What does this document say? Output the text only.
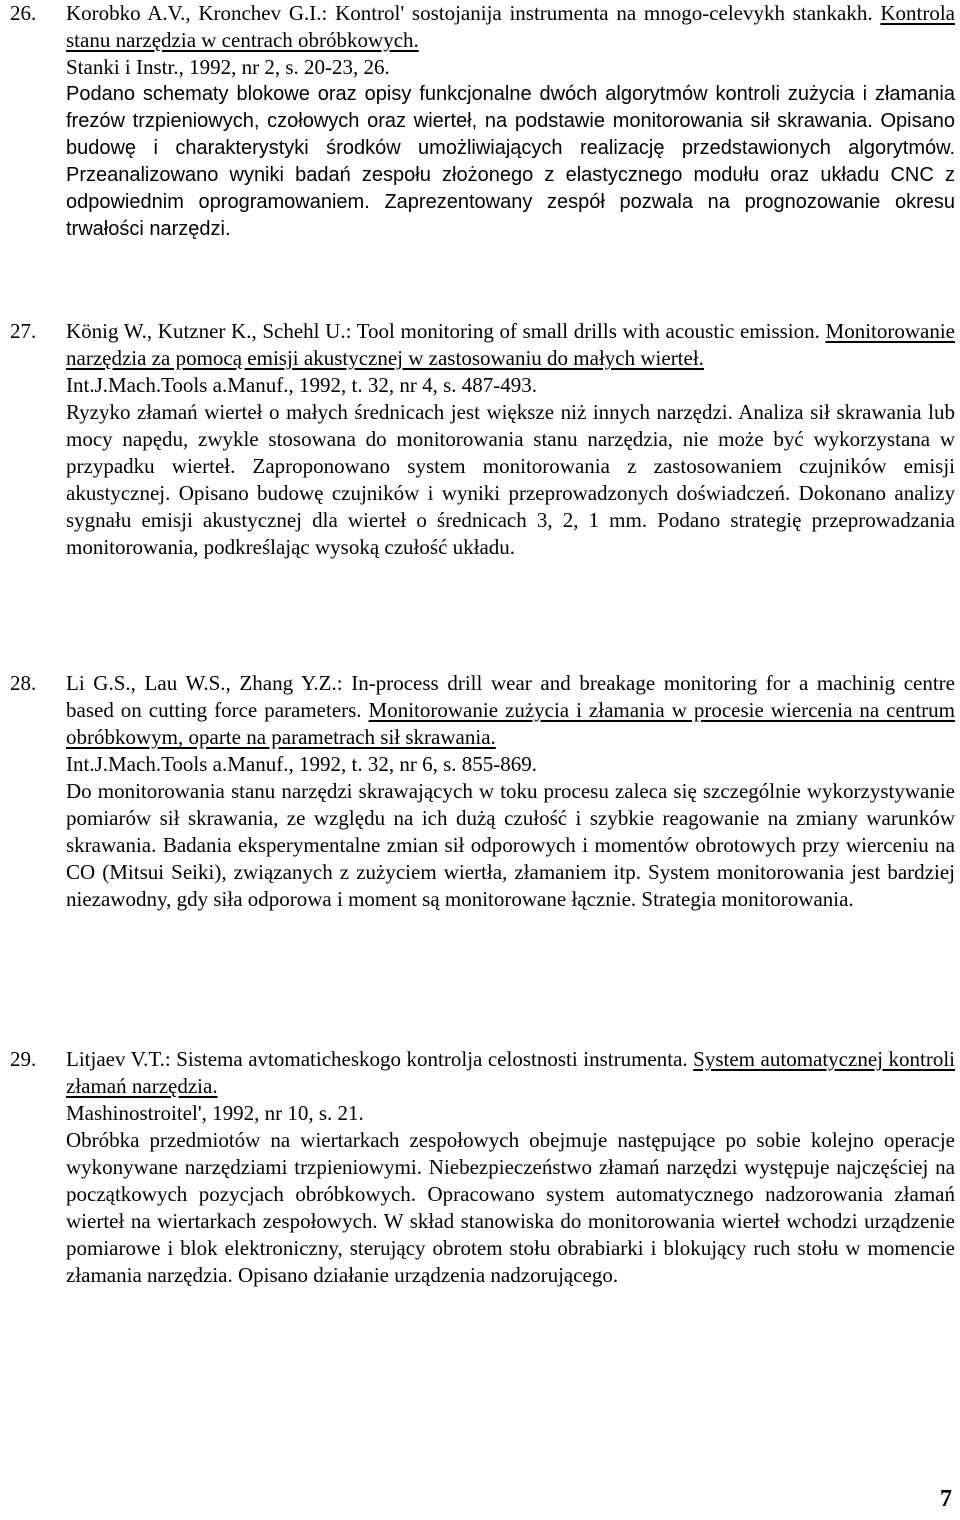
26.	Korobko A.V., Kronchev G.I.: Kontrol' sostojanija instrumenta na mnogo-celevykh stankakh. Kontrola stanu narzędzia w centrach obróbkowych.
Stanki i Instr., 1992, nr 2, s. 20-23, 26.
Podano schematy blokowe oraz opisy funkcjonalne dwóch algorytmów kontroli zużycia i złamania frezów trzpieniowych, czołowych oraz wierteł, na podstawie monitorowania sił skrawania. Opisano budowę i charakterystyki środków umożliwiających realizację przedstawionych algorytmów. Przeanalizowano wyniki badań zespołu złożonego z elastycznego modułu oraz układu CNC z odpowiednim oprogramowaniem. Zaprezentowany zespół pozwala na prognozowanie okresu trwałości narzędzi.
27.	König W., Kutzner K., Schehl U.: Tool monitoring of small drills with acoustic emission. Monitorowanie narzędzia za pomocą emisji akustycznej w zastosowaniu do małych wierteł.
Int.J.Mach.Tools a.Manuf., 1992, t. 32, nr 4, s. 487-493.
Ryzyko złamań wierteł o małych średnicach jest większe niż innych narzędzi. Analiza sił skrawania lub mocy napędu, zwykle stosowana do monitorowania stanu narzędzia, nie może być wykorzystana w przypadku wierteł. Zaproponowano system monitorowania z zastosowaniem czujników emisji akustycznej. Opisano budowę czujników i wyniki przeprowadzonych doświadczeń. Dokonano analizy sygnału emisji akustycznej dla wierteł o średnicach 3, 2, 1 mm. Podano strategię przeprowadzania monitorowania, podkreślając wysoką czułość układu.
28.	Li G.S., Lau W.S., Zhang Y.Z.: In-process drill wear and breakage monitoring for a machinig centre based on cutting force parameters. Monitorowanie zużycia i złamania w procesie wiercenia na centrum obróbkowym, oparte na parametrach sił skrawania.
Int.J.Mach.Tools a.Manuf., 1992, t. 32, nr 6, s. 855-869.
Do monitorowania stanu narzędzi skrawających w toku procesu zaleca się szczególnie wykorzystywanie pomiarów sił skrawania, ze względu na ich dużą czułość i szybkie reagowanie na zmiany warunków skrawania. Badania eksperymentalne zmian sił odporowych i momentów obrotowych przy wierceniu na CO (Mitsui Seiki), związanych z zużyciem wiertła, złamaniem itp. System monitorowania jest bardziej niezawodny, gdy siła odporowa i moment są monitorowane łącznie. Strategia monitorowania.
29.	Litjaev V.T.: Sistema avtomaticheskogo kontrolja celostnosti instrumenta. System automatycznej kontroli złamań narzędzia.
Mashinostroitel', 1992, nr 10, s. 21.
Obróbka przedmiotów na wiertarkach zespołowych obejmuje następujące po sobie kolejno operacje wykonywane narzędziami trzpieniowymi. Niebezpieczeństwo złamań narzędzi występuje najczęściej na początkowych pozycjach obróbkowych. Opracowano system automatycznego nadzorowania złamań wierteł na wiertarkach zespołowych. W skład stanowiska do monitorowania wierteł wchodzi urządzenie pomiarowe i blok elektroniczny, sterujący obrotem stołu obrabiarki i blokujący ruch stołu w momencie złamania narzędzia. Opisano działanie urządzenia nadzorującego.
7
